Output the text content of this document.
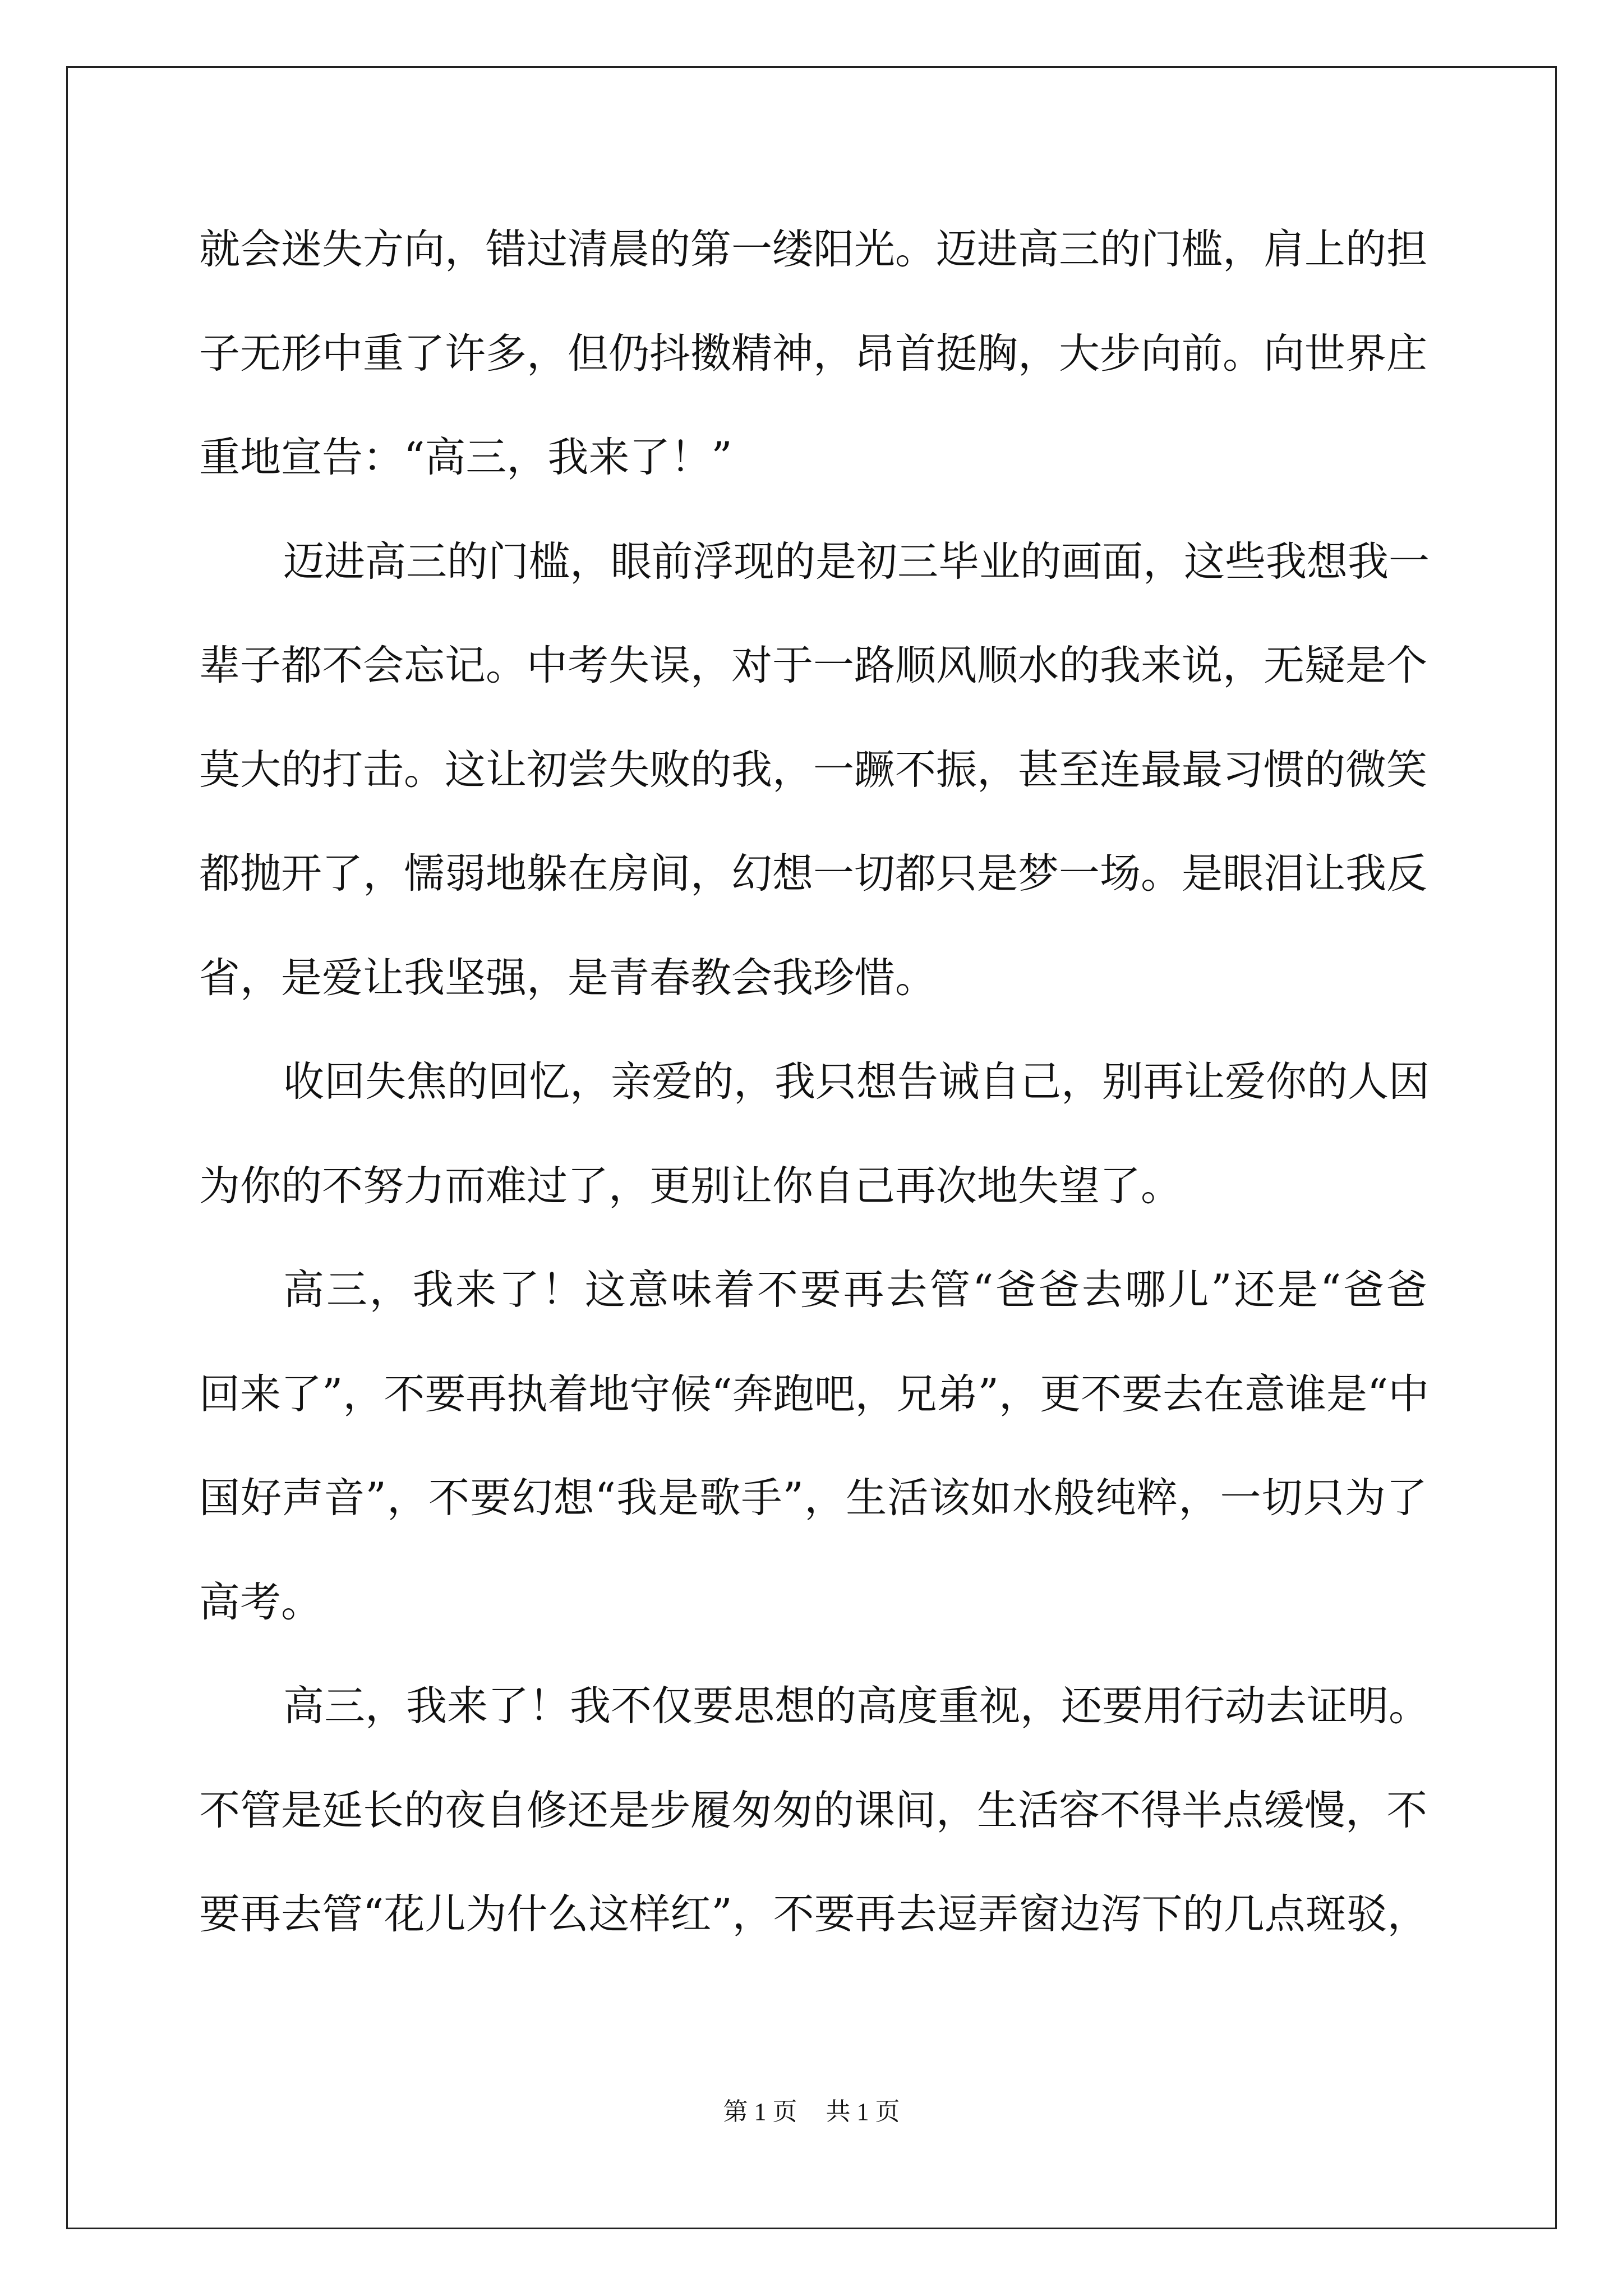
就会迷失方向，错过清晨的第一缕阳光。迈进高三的门槛，肩上的担
子无形中重了许多，但仍抖擞精神，昂首挺胸，大步向前。向世界庄
重地宣告：“高三，我来了！”
迈进高三的门槛，眼前浮现的是初三毕业的画面，这些我想我一
辈子都不会忘记。中考失误，对于一路顺风顺水的我来说，无疑是个
莫大的打击。这让初尝失败的我，一蹶不振，甚至连最最习惯的微笑
都抛开了，懦弱地躲在房间，幻想一切都只是梦一场。是眼泪让我反
省，是爱让我坚强，是青春教会我珍惜。
收回失焦的回忆，亲爱的，我只想告诫自己，别再让爱你的人因
为你的不努力而难过了，更别让你自己再次地失望了。
高三，我来了！这意味着不要再去管“爸爸去哪儿”还是“爸爸
回来了”，不要再执着地守候“奔跑吧，兄弟”，更不要去在意谁是“中
国好声音”，不要幻想“我是歌手”，生活该如水般纯粹，一切只为了
高考。
高三，我来了！我不仅要思想的高度重视，还要用行动去证明。
不管是延长的夜自修还是步履匆匆的课间，生活容不得半点缓慢，不
要再去管“花儿为什么这样红”，不要再去逗弄窗边泻下的几点斑驳，
第 1 页 共 1 页
